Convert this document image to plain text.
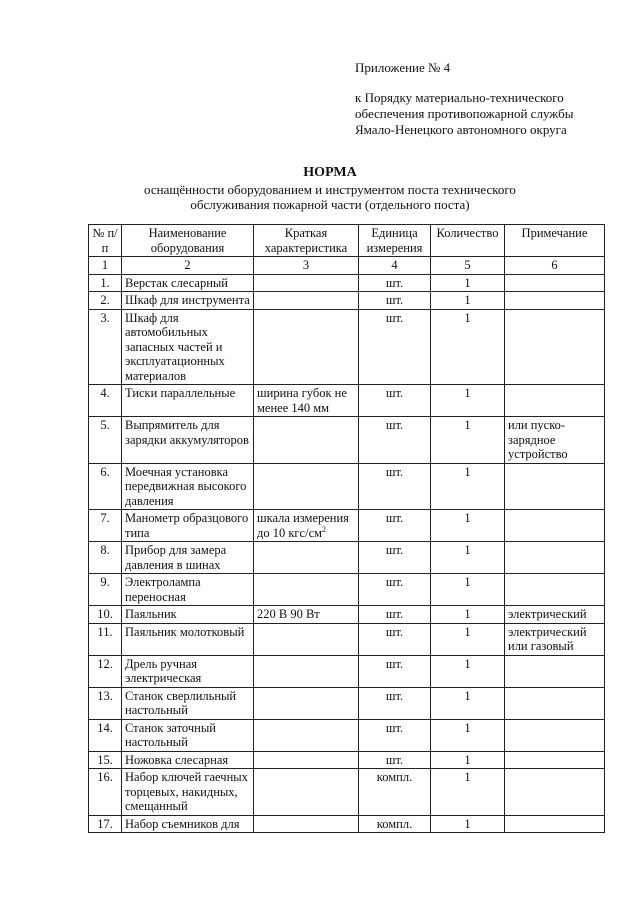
Приложение № 4
к Порядку материально-технического
обеспечения противопожарной службы
Ямало-Ненецкого автономного округа
НОРМА
оснащённости оборудованием и инструментом поста технического
обслуживания пожарной части (отдельного поста)
№ п/п	Наименование оборудования	Краткая характеристика	Единица измерения	Количество	Примечание
1	2	3	4	5	6
1.	Верстак слесарный		шт.	1	
2.	Шкаф для инструмента		шт.	1	
3.	Шкаф для автомобильных запасных частей и эксплуатационных материалов		шт.	1	
4.	Тиски параллельные	ширина губок не менее 140 мм	шт.	1	
5.	Выпрямитель для зарядки аккумуляторов		шт.	1	или пуско-зарядное устройство
6.	Моечная установка передвижная высокого давления		шт.	1	
7.	Манометр образцового типа	шкала измерения до 10 кгс/$см^2$	шт.	1	
8.	Прибор для замера давления в шинах		шт.	1	
9.	Электролампа переносная		шт.	1	
10.	Паяльник	220 В 90 Вт	шт.	1	электрический
11.	Паяльник молотковый		шт.	1	электрический или газовый
12.	Дрель ручная электрическая		шт.	1	
13.	Станок сверлильный настольный		шт.	1	
14.	Станок заточный настольный		шт.	1	
15.	Ножовка слесарная		шт.	1	
16.	Набор ключей гаечных торцевых, накидных, смещанный		компл.	1	
17.	Набор съемников для		компл.	1	
